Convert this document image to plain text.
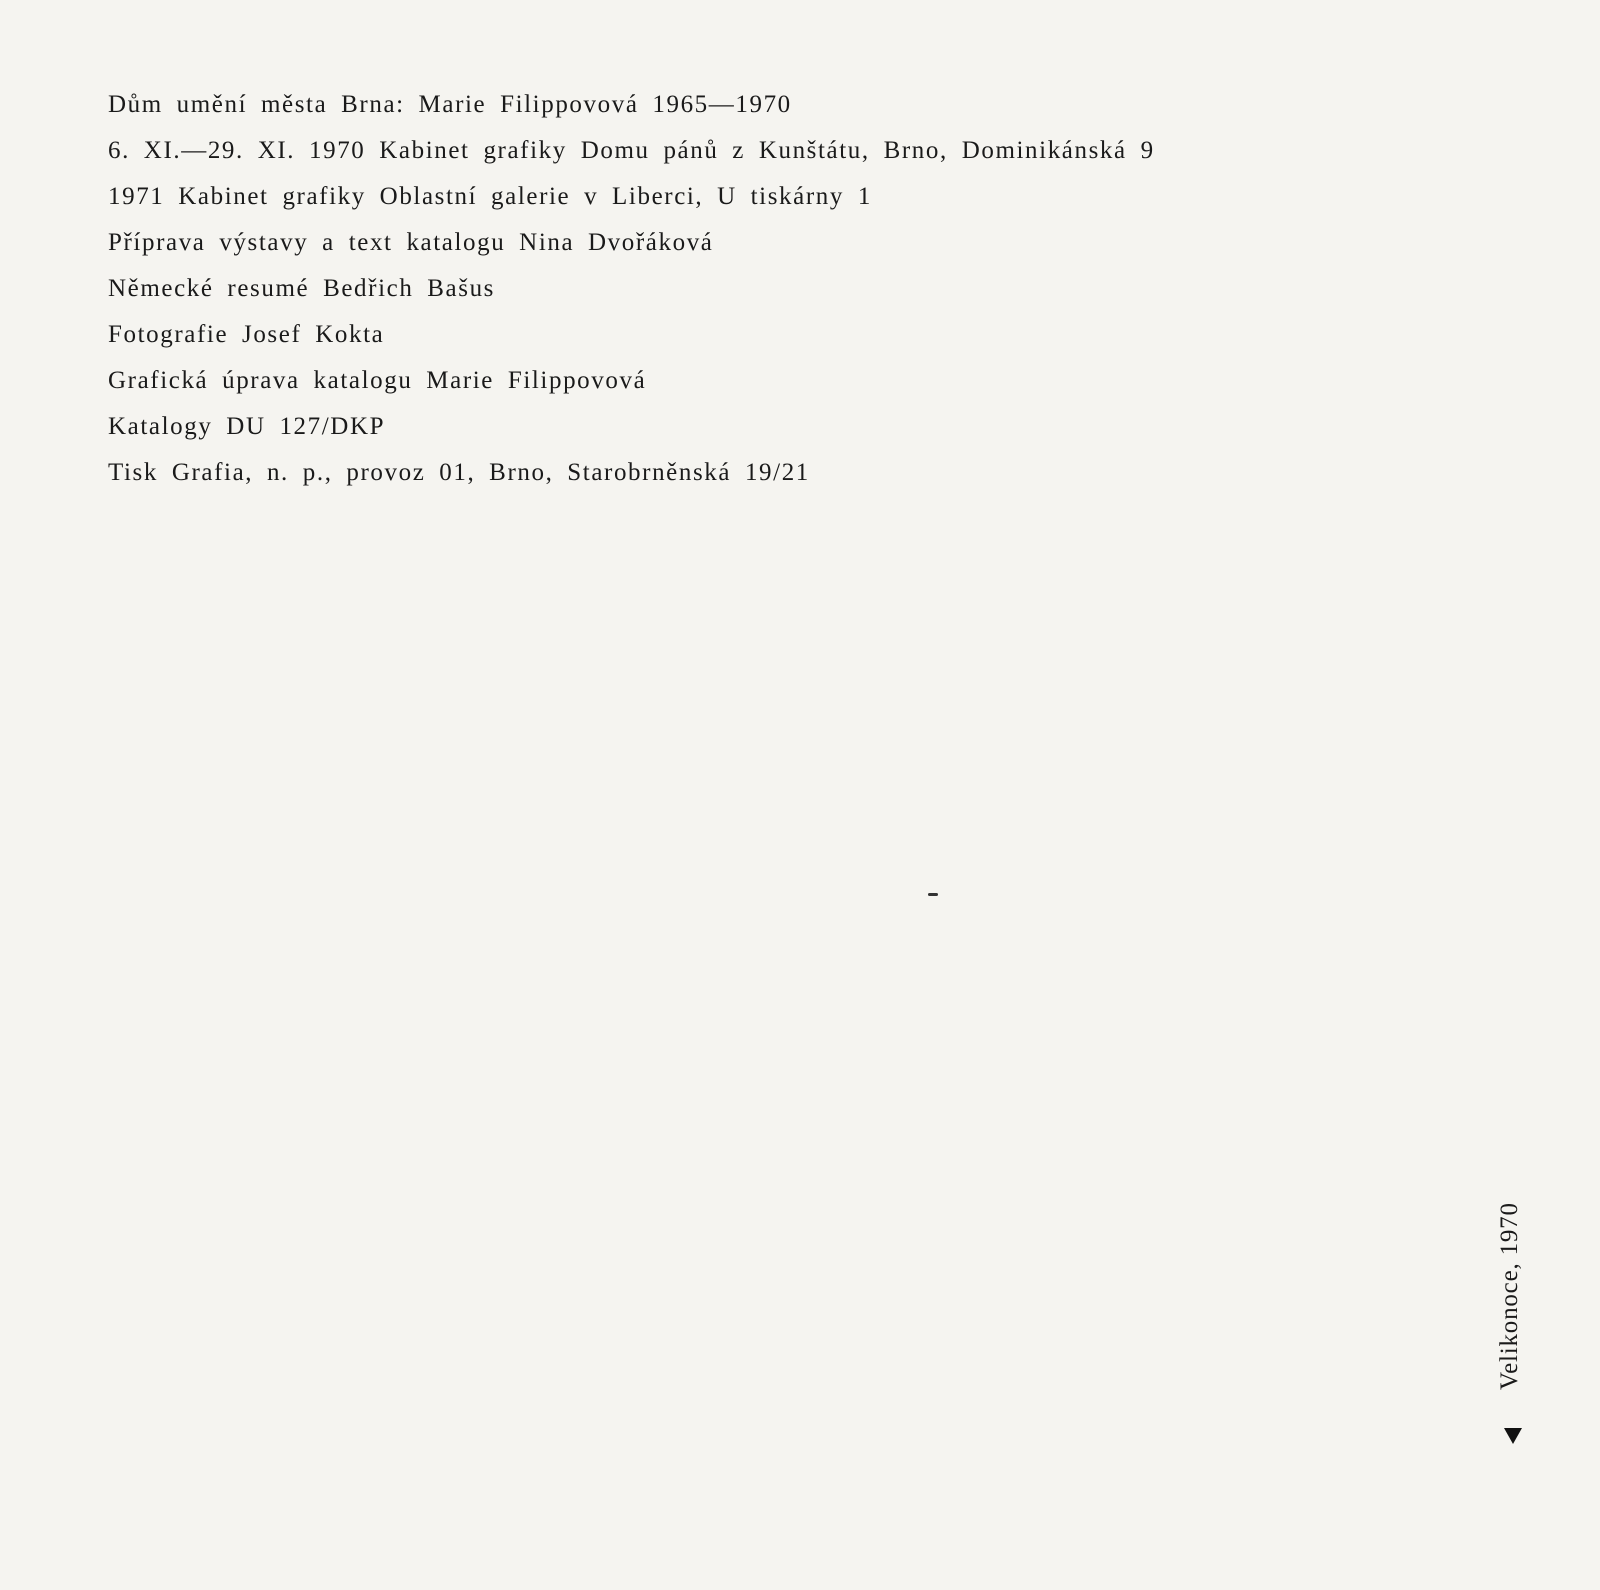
Dům umění města Brna: Marie Filippovová 1965—1970
6. XI.—29. XI. 1970 Kabinet grafiky Domu pánů z Kunštátu, Brno, Dominikánská 9
1971 Kabinet grafiky Oblastní galerie v Liberci, U tiskárny 1
Příprava výstavy a text katalogu Nina Dvořáková
Německé resumé Bedřich Bašus
Fotografie Josef Kokta
Grafická úprava katalogu Marie Filippovová
Katalogy DU 127/DKP
Tisk Grafia, n. p., provoz 01, Brno, Starobrněnská 19/21
Velikonoce, 1970
